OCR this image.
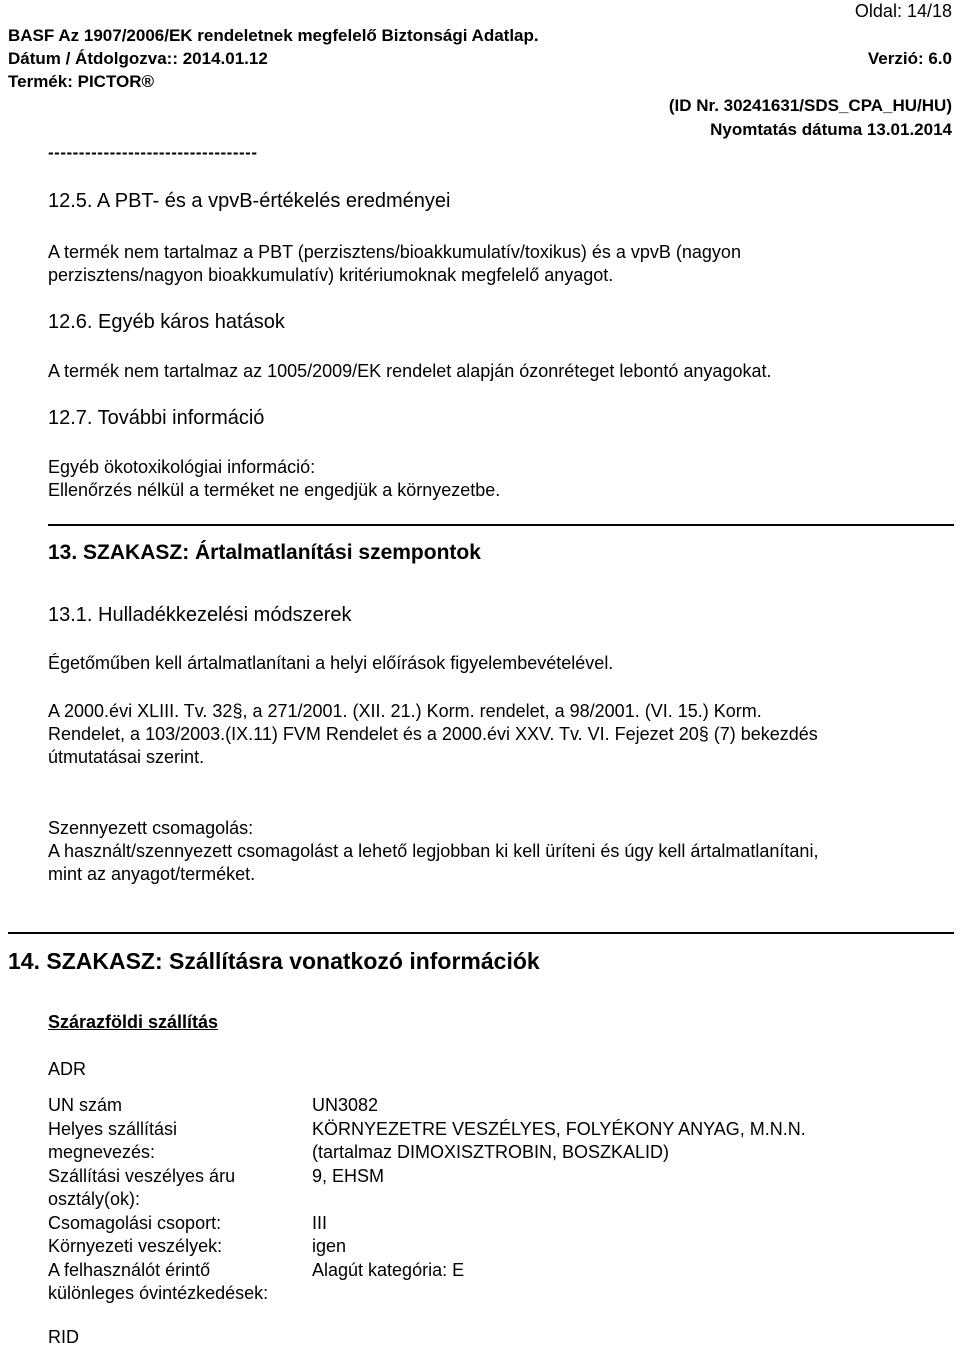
Oldal: 14/18
BASF Az 1907/2006/EK rendeletnek megfelelő Biztonsági Adatlap.
Dátum / Átdolgozva:: 2014.01.12	Verzió: 6.0
Termék: PICTOR®
(ID Nr. 30241631/SDS_CPA_HU/HU)
Nyomtatás dátuma 13.01.2014
----------------------------------
12.5. A PBT- és a vpvB-értékelés eredményei
A termék nem tartalmaz a PBT (perzisztens/bioakkumulatív/toxikus) és a vpvB (nagyon
perzisztens/nagyon bioakkumulatív) kritériumoknak megfelelő anyagot.
12.6. Egyéb káros hatások
A termék nem tartalmaz az 1005/2009/EK rendelet alapján ózonréteget lebontó anyagokat.
12.7. További információ
Egyéb ökotoxikológiai információ:
Ellenőrzés nélkül a terméket ne engedjük a környezetbe.
13. SZAKASZ: Ártalmatlanítási szempontok
13.1. Hulladékkezelési módszerek
Égetőműben kell ártalmatlanítani a helyi előírások figyelembevételével.
A 2000.évi XLIII. Tv. 32§, a 271/2001. (XII. 21.) Korm. rendelet, a 98/2001. (VI. 15.) Korm.
Rendelet, a 103/2003.(IX.11) FVM Rendelet és a 2000.évi XXV. Tv. VI. Fejezet 20§ (7) bekezdés
útmutatásai szerint.
Szennyezett csomagolás:
A használt/szennyezett csomagolást a lehető legjobban ki kell üríteni és úgy kell ártalmatlanítani,
mint az anyagot/terméket.
14. SZAKASZ: Szállításra vonatkozó információk
Szárazföldi szállítás
ADR
UN szám	UN3082
Helyes szállítási	KÖRNYEZETRE VESZÉLYES, FOLYÉKONY ANYAG, M.N.N.
megnevezés:	(tartalmaz DIMOXISZTROBIN, BOSZKALID)
Szállítási veszélyes áru	9, EHSM
osztály(ok):
Csomagolási csoport:	III
Környezeti veszélyek:	igen
A felhasználót érintő	Alagút kategória: E
különleges óvintézkedések:
RID
